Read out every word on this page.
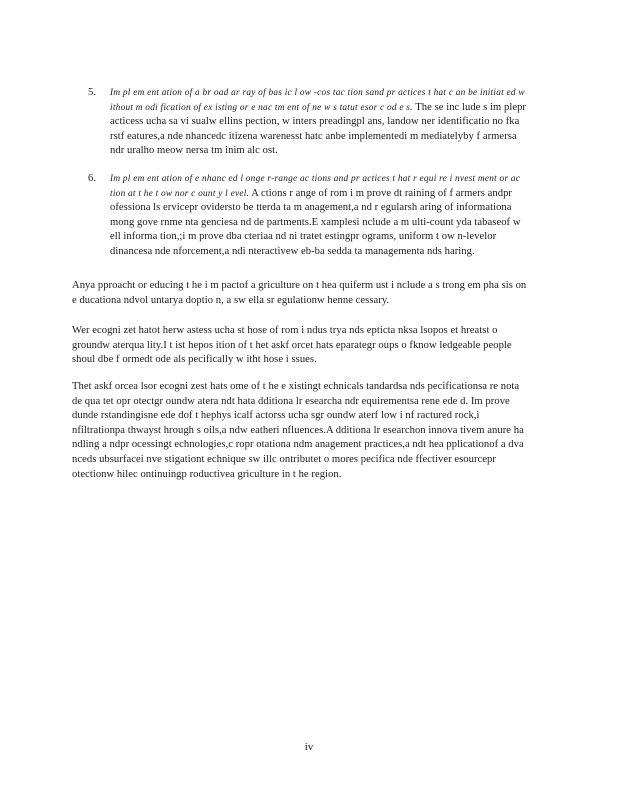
5. Im pl em ent ation of a br oad ar ray of bas ic l ow -cos tac tion sand pr actices t hat c an be initiat ed w ithout m odi fication of ex isting or e nac tm ent of ne w s tatut esor c od e s. The se inc lude s im plepr acticess ucha sa vi sualw ellins pection, w inters preadingpl ans, landow ner identificatio no fka rstf eatures,a nde nhancedc itizena warenesst hatc anbe implementedi m mediatelyby f armersa ndr uralho meow nersa tm inim alc ost.
6. Im pl em ent ation of e nhanc ed l onge r-range ac tions and pr actices t hat r equi re i nvest ment or ac tion at t he t ow nor c ount y l evel. A ctions r ange of rom i m prove dt raining of f armers andpr ofessiona ls ervicepr ovidersto be tterda ta m anagement,a nd r egularsh aring of informationa mong gove rnme nta genciesa nd de partments.E xamplesi nclude a m ulti-count yda tabaseof w ell informa tion,;i m prove dba cteriaa nd ni tratet estingpr ograms, uniform t ow n-levelor dinancesa nde nforcement,a ndi nteractivew eb-ba sedda ta managementa nds haring.

Anya pproacht or educing t he i m pactof a griculture on t hea quiferm ust i nclude a s trong em pha sis on e ducationa ndvol untarya doptio n, a sw ella sr egulationw henne cessary.

Wer ecogni zet hatot herw astess ucha st hose of rom i ndus trya nds epticta nksa lsopos et hreatst o groundw aterqua lity.I t ist hepos ition of t het askf orcet hats eparategr oups o fknow ledgeable people shoul dbe f ormedt ode als pecifically w itht hose i ssues.

Thet askf orcea lsor ecogni zest hats ome of t he e xistingt echnicals tandardsa nds pecificationsa re nota de qua tet opr otectgr oundw atera ndt hata dditiona lr esearcha ndr equirementsa rene ede d. Im prove dunde rstandingisne ede dof t hephys icalf actorss ucha sgr oundw aterf low i nf ractured rock,i nfiltrationpa thwayst hrough s oils,a ndw eatheri nfluences.A dditiona lr esearchon innova tivem anure ha ndling a ndpr ocessingt echnologies,c ropr otationa ndm anagement practices,a ndt hea pplicationof a dva nceds ubsurfacei nve stigationt echnique sw illc ontributet o mores pecifica nde ffectiver esourcepr otectionw hilec ontinuingp roductivea griculture in t he region.

iv
